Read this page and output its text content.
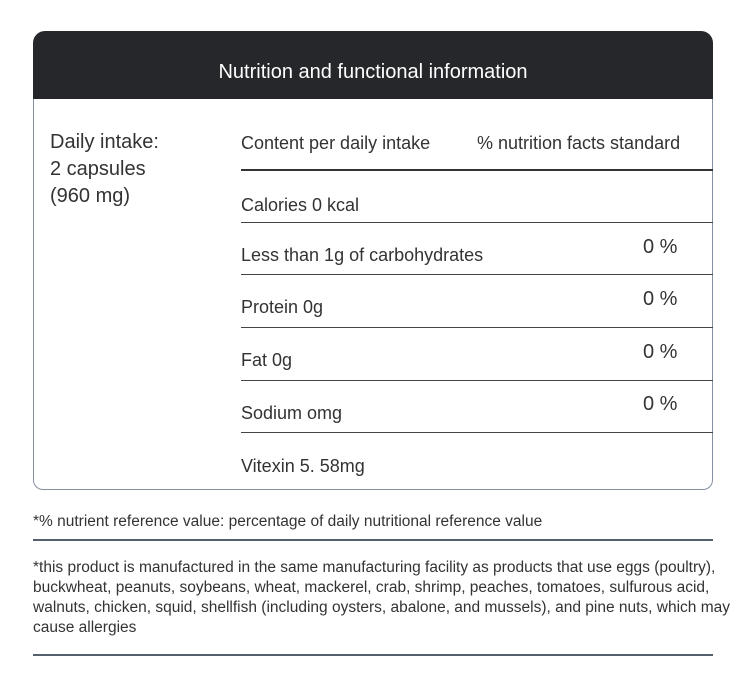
Nutrition and functional information
Daily intake:
2 capsules
(960 mg)
Content per daily intake	% nutrition facts standard
Calories 0 kcal
Less than 1g of carbohydrates	0 %
Protein 0g	0 %
Fat 0g	0 %
Sodium omg	0 %
Vitexin 5. 58mg
*% nutrient reference value: percentage of daily nutritional reference value
*this product is manufactured in the same manufacturing facility as products that use eggs (poultry), buckwheat, peanuts, soybeans, wheat, mackerel, crab, shrimp, peaches, tomatoes, sulfurous acid, walnuts, chicken, squid, shellfish (including oysters, abalone, and mussels), and pine nuts, which may cause allergies
